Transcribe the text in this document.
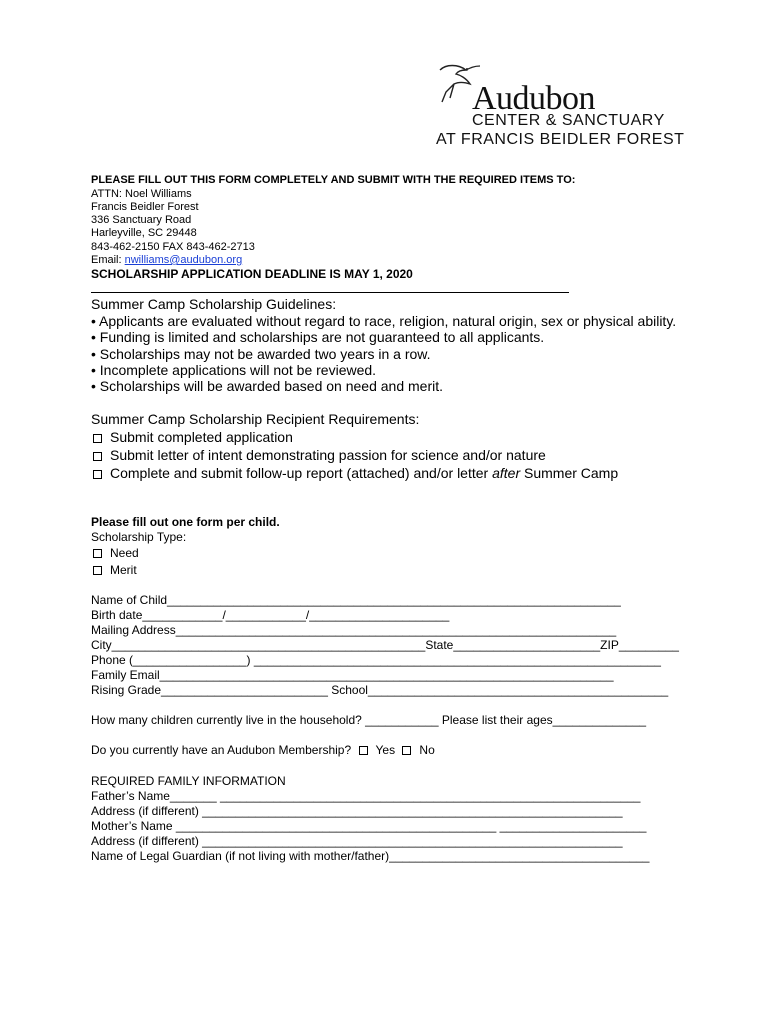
Audubon
CENTER & SANCTUARY
AT FRANCIS BEIDLER FOREST
PLEASE FILL OUT THIS FORM COMPLETELY AND SUBMIT WITH THE REQUIRED ITEMS TO:
ATTN: Noel Williams
Francis Beidler Forest
336 Sanctuary Road
Harleyville, SC 29448
843-462-2150 FAX 843-462-2713
Email: nwilliams@audubon.org
SCHOLARSHIP APPLICATION DEADLINE IS MAY 1, 2020
Summer Camp Scholarship Guidelines:
• Applicants are evaluated without regard to race, religion, natural origin, sex or physical ability.
• Funding is limited and scholarships are not guaranteed to all applicants.
• Scholarships may not be awarded two years in a row.
• Incomplete applications will not be reviewed.
• Scholarships will be awarded based on need and merit.
Summer Camp Scholarship Recipient Requirements:
Submit completed application
Submit letter of intent demonstrating passion for science and/or nature
Complete and submit follow-up report (attached) and/or letter after Summer Camp
Please fill out one form per child.
Scholarship Type:
Need
Merit
Name of Child____________________________________________________________________
Birth date____________/____________/_____________________
Mailing Address__________________________________________________________________
City_______________________________________________State______________________ZIP_________
Phone (_________________) _____________________________________________________________
Family Email____________________________________________________________________
Rising Grade_________________________ School_____________________________________________
How many children currently live in the household? ___________ Please list their ages______________
Do you currently have an Audubon Membership? Yes No
REQUIRED FAMILY INFORMATION
Father’s Name_______ _______________________________________________________________
Address (if different) _______________________________________________________________
Mother’s Name ________________________________________________ ______________________
Address (if different) _______________________________________________________________
Name of Legal Guardian (if not living with mother/father)_______________________________________
